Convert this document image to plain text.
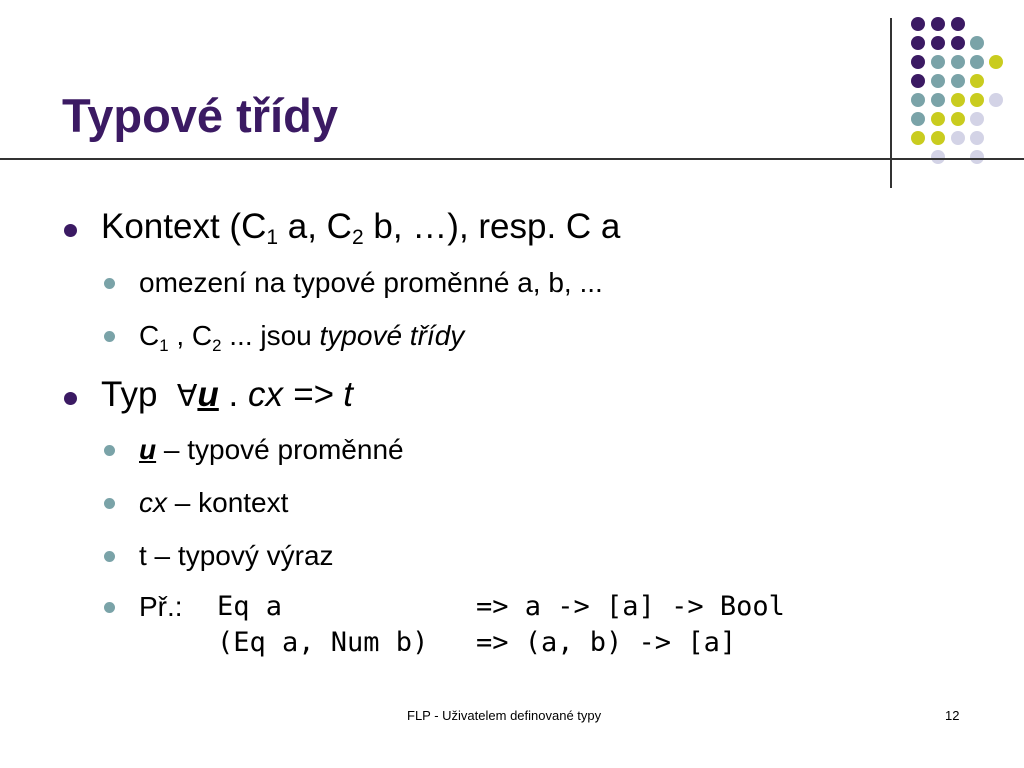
Typové třídy
Kontext ($C_1$ a, $C_2$ b, …), resp. C a
omezení na typové proměnné a, b, ...
$C_1$ , $C_2$ ... jsou typové třídy
Typ  ∀u . cx => t
u – typové proměnné
cx – kontext
t – typový výraz
Př.: Eq a	=> a -> [a] -> Bool
(Eq a, Num b) => (a, b) -> [a]
FLP - Uživatelem definované typy	12
